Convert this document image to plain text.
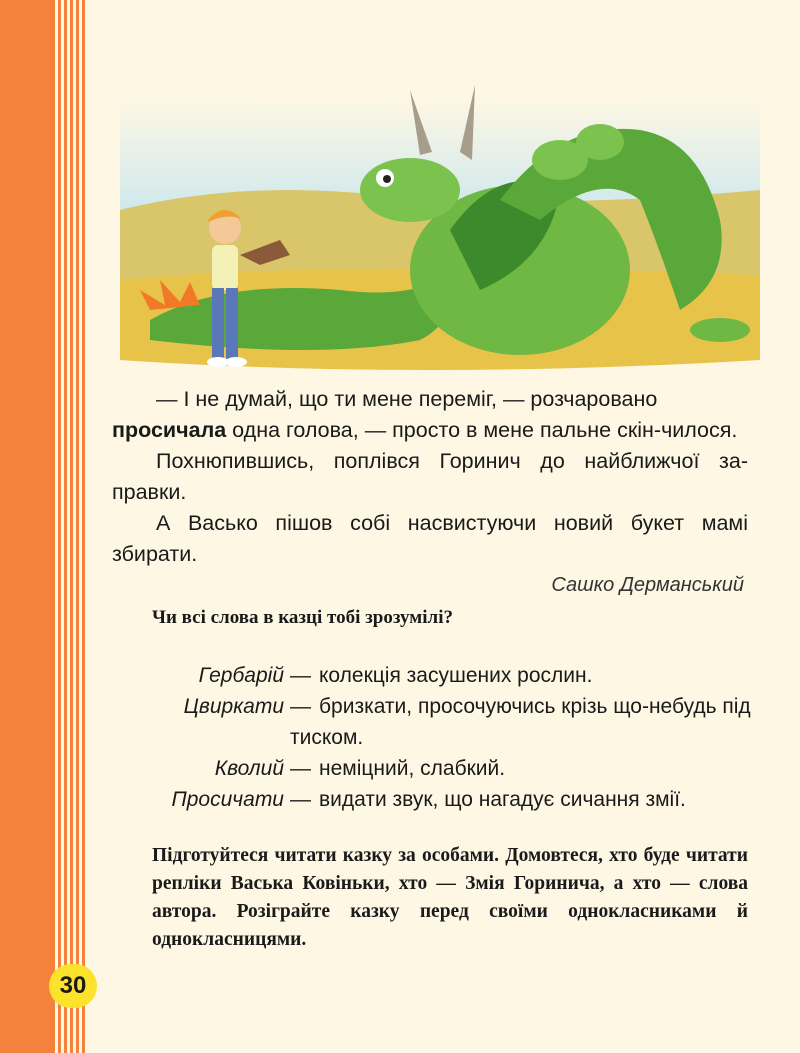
— І не думай, що ти мене переміг, — розчаровано
просичала одна голова, — просто в мене пальне скін-чилося.

Похнюпившись, поплівся Горинич до найближчої за-правки.

А Васько пішов собі насвистуючи новий букет мамі збирати.

Сашко Дерманський
Чи всі слова в казці тобі зрозумілі?
Гербарій — колекція засушених рослин.
Цвиркати — бризкати, просочуючись крізь що-небудь під тиском.
Кволий — неміцний, слабкий.
Просичати — видати звук, що нагадує сичання змії.
Підготуйтеся читати казку за особами. Домовтеся, хто буде читати репліки Васька Ковіньки, хто — Змія Горинича, а хто — слова автора. Розіграйте казку перед своїми однокласниками й однокласницями.
30
